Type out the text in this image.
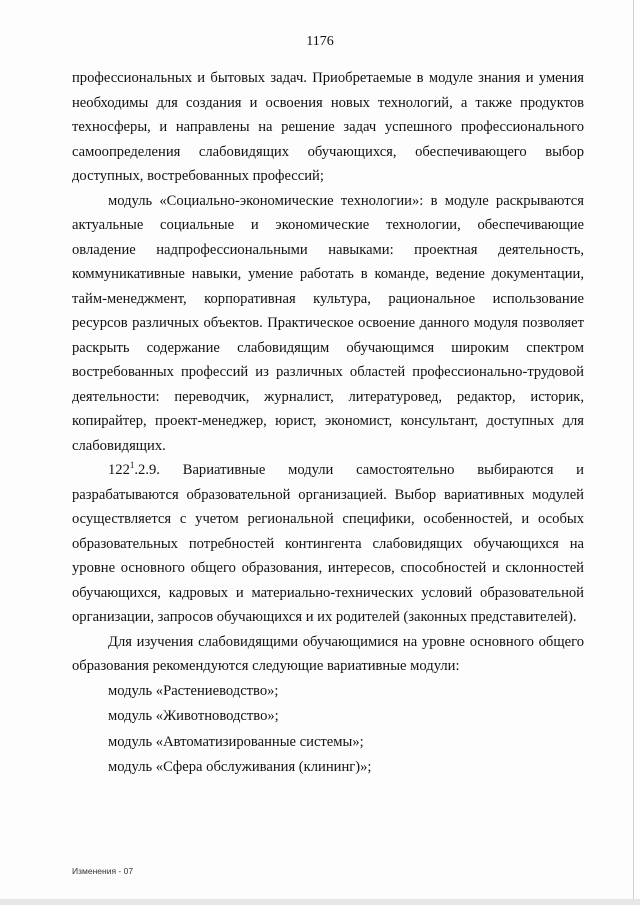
1176

профессиональных и бытовых задач. Приобретаемые в модуле знания и умения необходимы для создания и освоения новых технологий, а также продуктов техносферы, и направлены на решение задач успешного профессионального самоопределения слабовидящих обучающихся, обеспечивающего выбор доступных, востребованных профессий;

модуль «Социально-экономические технологии»: в модуле раскрываются актуальные социальные и экономические технологии, обеспечивающие овладение надпрофессиональными навыками: проектная деятельность, коммуникативные навыки, умение работать в команде, ведение документации, тайм-менеджмент, корпоративная культура, рациональное использование ресурсов различных объектов. Практическое освоение данного модуля позволяет раскрыть содержание слабовидящим обучающимся широким спектром востребованных профессий из различных областей профессионально-трудовой деятельности: переводчик, журналист, литературовед, редактор, историк, копирайтер, проект-менеджер, юрист, экономист, консультант, доступных для слабовидящих.

$122^1.2.9$. Вариативные модули самостоятельно выбираются и разрабатываются образовательной организацией. Выбор вариативных модулей осуществляется с учетом региональной специфики, особенностей, и особых образовательных потребностей контингента слабовидящих обучающихся на уровне основного общего образования, интересов, способностей и склонностей обучающихся, кадровых и материально-технических условий образовательной организации, запросов обучающихся и их родителей (законных представителей).

Для изучения слабовидящими обучающимися на уровне основного общего образования рекомендуются следующие вариативные модули:

модуль «Растениеводство»;

модуль «Животноводство»;

модуль «Автоматизированные системы»;

модуль «Сфера обслуживания (клининг)»;

Изменения - 07
